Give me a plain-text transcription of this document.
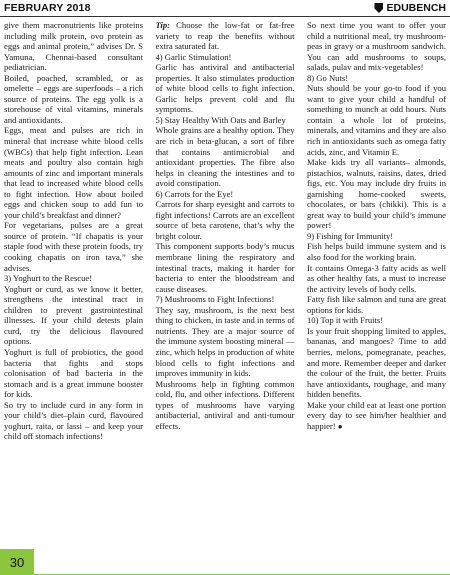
FEBRUARY 2018	EDUBENCH

give them macronutrients like proteins including milk protein, ovo protein as eggs and animal protein,” advises Dr. S Yamuna, Chennai-based consultant pediatrician.

Boiled, poached, scrambled, or as omelette – eggs are superfoods – a rich source of proteins. The egg yolk is a storehouse of vital vitamins, minerals and antioxidants.

Eggs, meat and pulses are rich in mineral that increase white blood cells (WBCs) that help fight infection. Lean meats and poultry also contain high amounts of zinc and important minerals that lead to increased white blood cells to fight infection. How about boiled eggs and chicken soup to add fun to your child’s breakfast and dinner?

For vegetarians, pulses are a great source of protein. “If chapatis is your staple food with these protein foods, try cooking chapatis on iron tava,” she advises.

3) Yoghurt to the Rescue!

Yoghurt or curd, as we know it better, strengthens the intestinal tract in children to prevent gastrointestinal illnesses. If your child detests plain curd, try the delicious flavoured options.

Yoghurt is full of probiotics, the good bacteria that fights and stops colonisation of bad bacteria in the stomach and is a great immune booster for kids.

So try to include curd in any form in your child’s diet–plain curd, flavoured yoghurt, raita, or lassi – and keep your child off stomach infections!

Tip: Choose the low-fat or fat-free variety to reap the benefits without extra saturated fat.

4) Garlic Stimulation!

Garlic has antiviral and antibacterial properties. It also stimulates production of white blood cells to fight infection. Garlic helps prevent cold and flu symptoms.

5) Stay Healthy With Oats and Barley

Whole grains are a healthy option. They are rich in beta-glucan, a sort of fibre that contains antimicrobial and antioxidant properties. The fibre also helps in cleaning the intestines and to avoid constipation.

6) Carrots for the Eye!

Carrots for sharp eyesight and carrots to fight infections! Carrots are an excellent source of beta carotene, that’s why the bright colour.

This component supports body’s mucus membrane lining the respiratory and intestinal tracts, making it harder for bacteria to enter the bloodstream and cause diseases.

7) Mushrooms to Fight Infections!

They say, mushroom, is the next best thing to chicken, in taste and in terms of nutrients. They are a major source of the immune system boosting mineral — zinc, which helps in production of white blood cells to fight infections and improves immunity in kids.

Mushrooms help in fighting common cold, flu, and other infections. Different types of mushrooms have varying antibacterial, antiviral and anti-tumour effects.

So next time you want to offer your child a nutritional meal, try mushroom-peas in gravy or a mushroom sandwich. You can add mushrooms to soups, salads, pulav and mix-vegetables!

8) Go Nuts!

Nuts should be your go-to food if you want to give your child a handful of something to munch at odd hours. Nuts contain a whole lot of proteins, minerals, and vitamins and they are also rich in antioxidants such as omega fatty acids, zinc, and Vitamin E.

Make kids try all variants– almonds, pistachios, walnuts, raisins, dates, dried figs, etc. You may include dry fruits in garnishing home-cooked sweets, chocolates, or bars (chikki). This is a great way to build your child’s immune power!

9) Fishing for Immunity!

Fish helps build immune system and is also food for the working brain.

It contains Omega-3 fatty acids as well as other healthy fats, a must to increase the activity levels of body cells.

Fatty fish like salmon and tuna are great options for kids.

10) Top it with Fruits!

Is your fruit shopping limited to apples, bananas, and mangoes? Time to add berries, melons, pomegranate, peaches, and more. Remember deeper and darker the colour of the fruit, the better. Fruits have antioxidants, roughage, and many hidden benefits.

Make your child eat at least one portion every day to see him/her healthier and happier! ●

30
